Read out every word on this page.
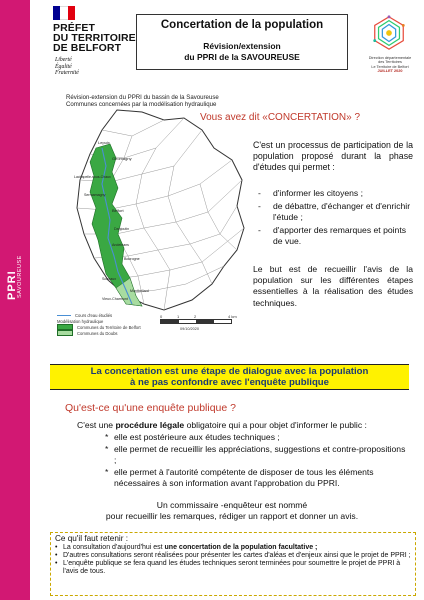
PPRI SAVOUREUSE
PRÉFET
DU TERRITOIRE
DE BELFORT
Liberté
Égalité
Fraternité
Concertation de la population
Révision/extension
du PPRI de la SAVOUREUSE	Direction départementale
des Territoires
Le Territoire de Belfort
JUILLET 2020
Révision-extension du PPRI du bassin de la Savoureuse
Communes concernées par la modélisation hydraulique
Lepuix
Giromagny
Lachapelle-sous-Chaux
Sermamagny
Belfort
Danjoutin
Andelnans
Bourogne
Sochaux
Montbéliard
Vieux-Charmont
Cours d'eau étudiés
Modélisation hydraulique
Communes du Territoire de Belfort
Communes du Doubs
0	1	2	4 km
09/10/2020
Vous avez dit «CONCERTATION» ?
C'est un processus de participation de la population proposé durant la phase d'études qui permet :
-	d'informer les citoyens ;
-	de débattre, d'échanger et d'enrichir l'étude ;
-	d'apporter des remarques et points de vue.
Le but est de recueillir l'avis de la population sur les différentes étapes essentielles à la réalisation des études techniques.
La concertation est une étape de dialogue avec la population
à ne pas confondre avec l'enquête publique
Qu'est-ce qu'une enquête publique ?
C'est une procédure légale obligatoire qui a pour objet d'informer le public :
* elle est postérieure aux études techniques ;
* elle permet de recueillir les appréciations, suggestions et contre-propositions ;
* elle permet à l'autorité compétente de disposer de tous les éléments nécessaires à son information avant l'approbation du PPRI.
Un commissaire -enquêteur est nommé
pour recueillir les remarques, rédiger un rapport et donner un avis.
Ce qu'il faut retenir :
• La consultation d'aujourd'hui est une concertation de la population facultative ;
• D'autres consultations seront réalisées pour présenter les cartes d'aléas et d'enjeux ainsi que le projet de PPRI ;
• L'enquête publique se fera quand les études techniques seront terminées pour soumettre le projet de PPRI à l'avis de tous.
